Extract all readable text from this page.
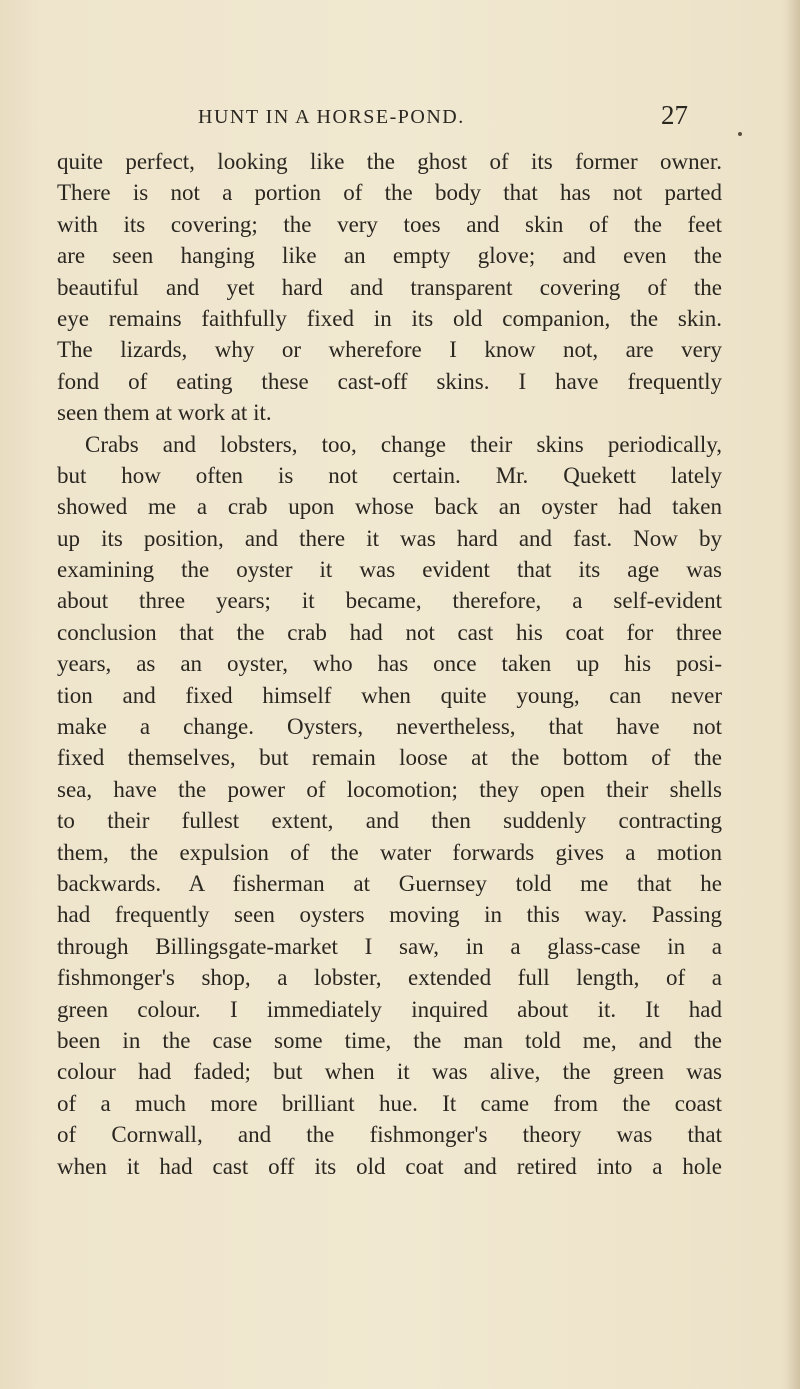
HUNT IN A HORSE-POND.	27
quite perfect, looking like the ghost of its former owner.
There is not a portion of the body that has not parted
with its covering; the very toes and skin of the feet
are seen hanging like an empty glove; and even the
beautiful and yet hard and transparent covering of the
eye remains faithfully fixed in its old companion, the skin.
The lizards, why or wherefore I know not, are very
fond of eating these cast-off skins. I have frequently
seen them at work at it.
Crabs and lobsters, too, change their skins periodically,
but how often is not certain. Mr. Quekett lately
showed me a crab upon whose back an oyster had taken
up its position, and there it was hard and fast. Now by
examining the oyster it was evident that its age was
about three years; it became, therefore, a self-evident
conclusion that the crab had not cast his coat for three
years, as an oyster, who has once taken up his posi-
tion and fixed himself when quite young, can never
make a change. Oysters, nevertheless, that have not
fixed themselves, but remain loose at the bottom of the
sea, have the power of locomotion; they open their shells
to their fullest extent, and then suddenly contracting
them, the expulsion of the water forwards gives a motion
backwards. A fisherman at Guernsey told me that he
had frequently seen oysters moving in this way. Passing
through Billingsgate-market I saw, in a glass-case in a
fishmonger's shop, a lobster, extended full length, of a
green colour. I immediately inquired about it. It had
been in the case some time, the man told me, and the
colour had faded; but when it was alive, the green was
of a much more brilliant hue. It came from the coast
of Cornwall, and the fishmonger's theory was that
when it had cast off its old coat and retired into a hole
